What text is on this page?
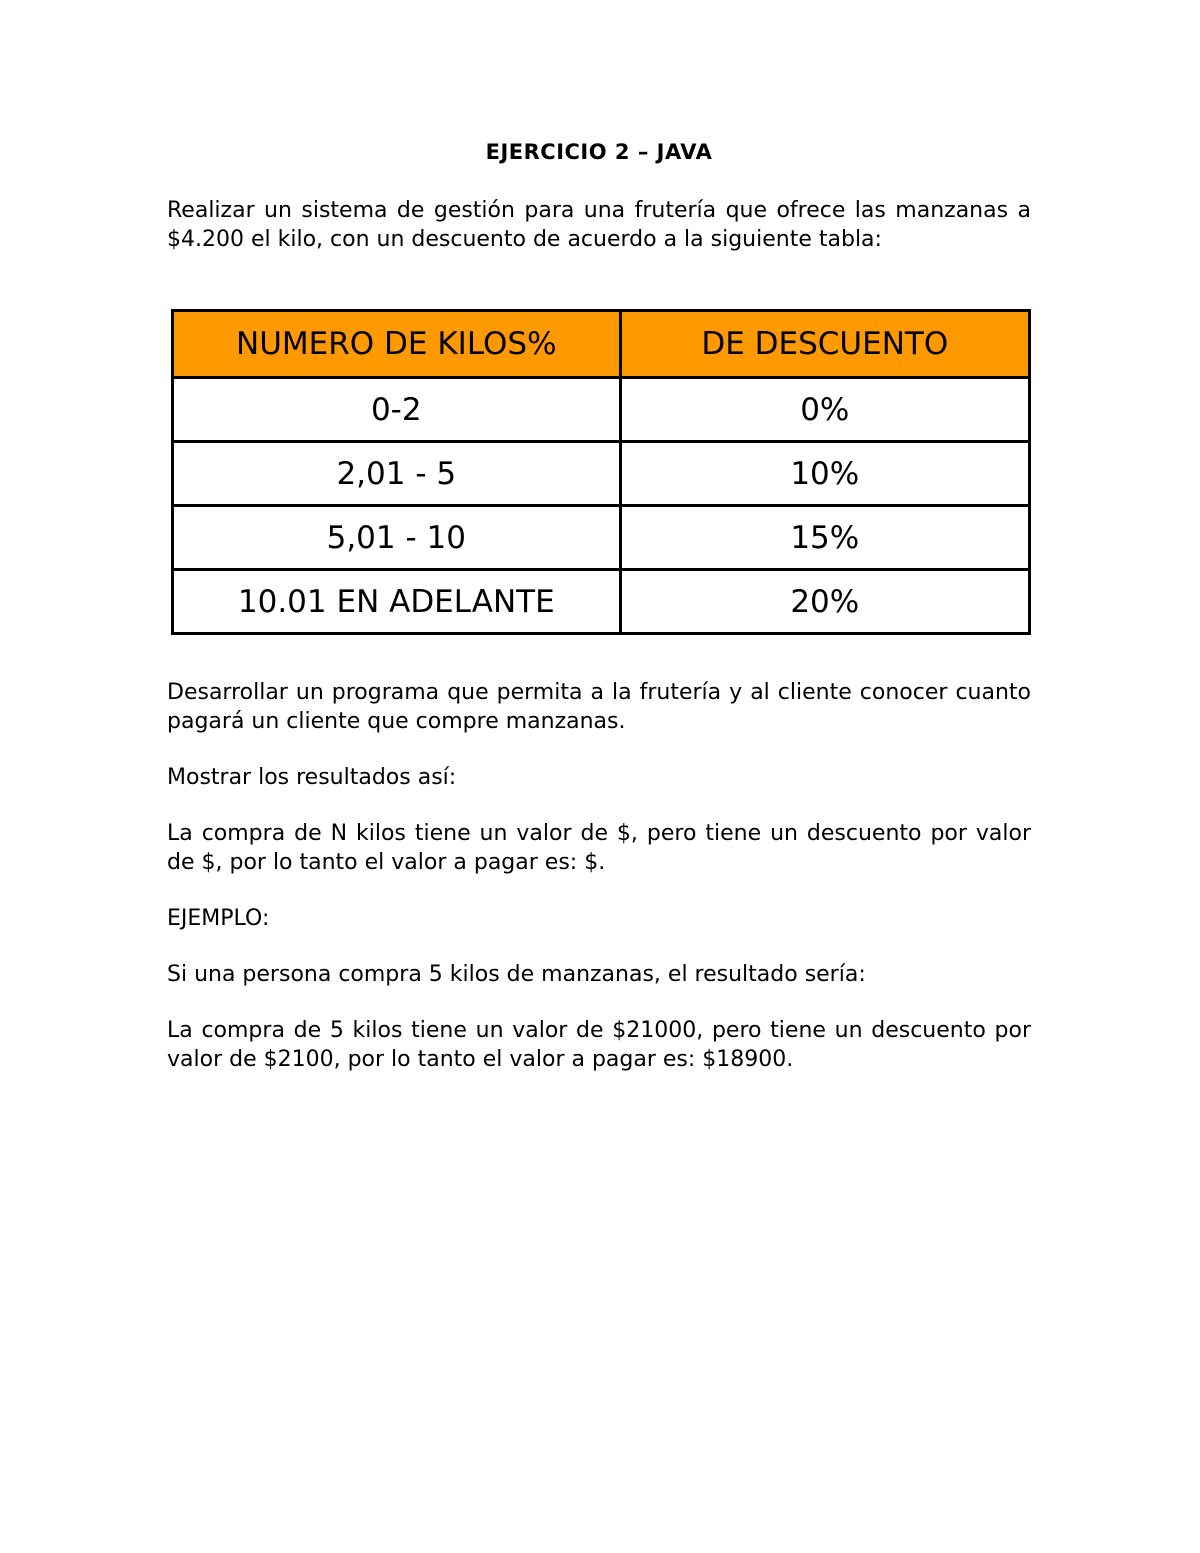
EJERCICIO 2 – JAVA

Realizar un sistema de gestión para una frutería que ofrece las manzanas a $4.200 el kilo, con un descuento de acuerdo a la siguiente tabla:

NUMERO DE KILOS%	DE DESCUENTO
0-2	0%
2,01 - 5	10%
5,01 - 10	15%
10.01 EN ADELANTE	20%

Desarrollar un programa que permita a la frutería y al cliente conocer cuanto pagará un cliente que compre manzanas.

Mostrar los resultados así:

La compra de N kilos tiene un valor de $, pero tiene un descuento por valor de $, por lo tanto el valor a pagar es: $.

EJEMPLO:

Si una persona compra 5 kilos de manzanas, el resultado sería:

La compra de 5 kilos tiene un valor de $21000, pero tiene un descuento por valor de $2100, por lo tanto el valor a pagar es: $18900.
